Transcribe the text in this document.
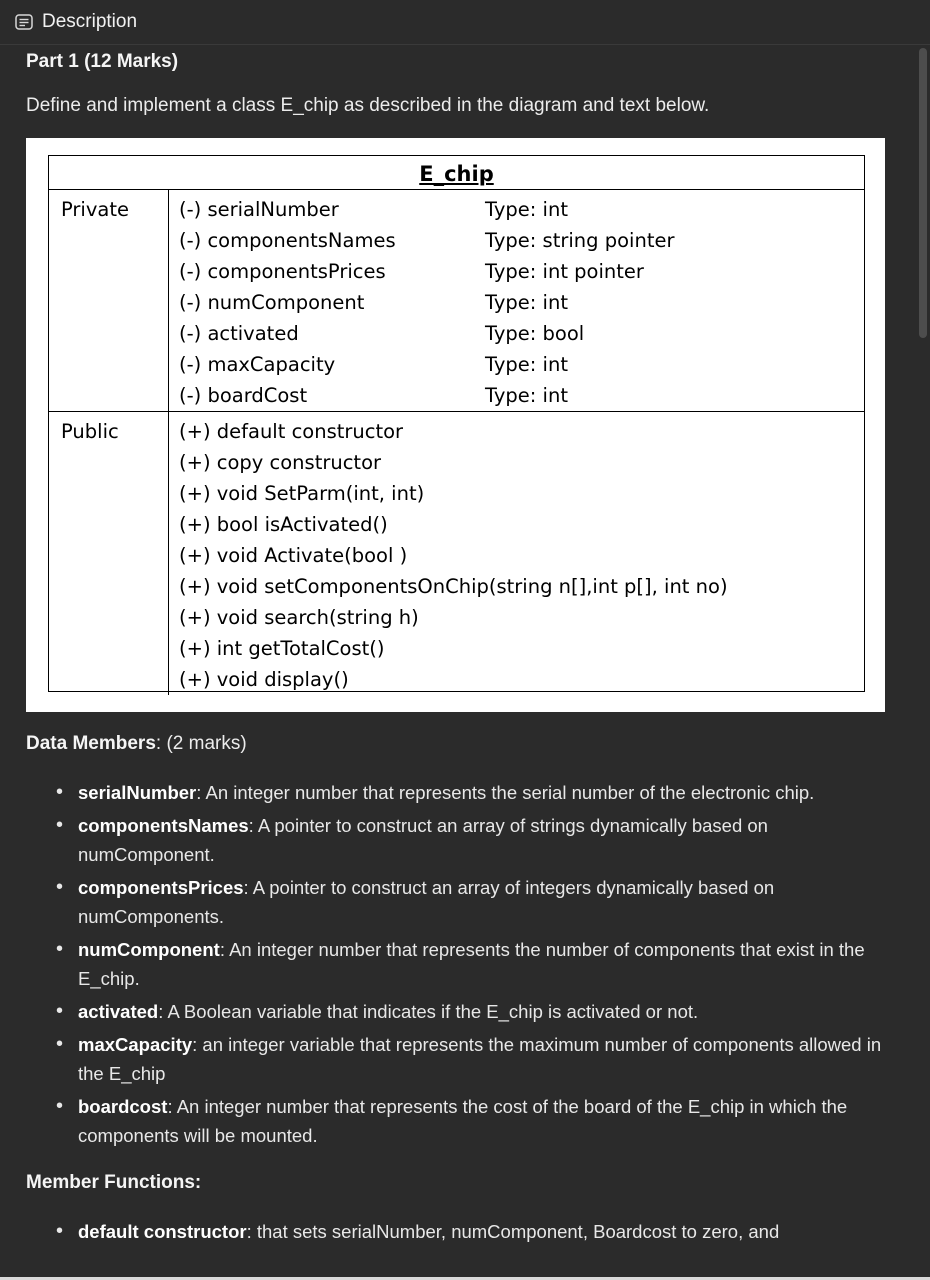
Description
Part 1 (12 Marks)
Define and implement a class E_chip as described in the diagram and text below.
E_chip
Private	(-) serialNumber	Type: int
(-) componentsNames	Type: string pointer
(-) componentsPrices	Type: int pointer
(-) numComponent	Type: int
(-) activated	Type: bool
(-) maxCapacity	Type: int
(-) boardCost	Type: int
Public	(+) default constructor
(+) copy constructor
(+) void SetParm(int, int)
(+) bool isActivated()
(+) void Activate(bool )
(+) void setComponentsOnChip(string n[],int p[], int no)
(+) void search(string h)
(+) int getTotalCost()
(+) void display()
Data Members: (2 marks)
• serialNumber: An integer number that represents the serial number of the electronic chip.
• componentsNames: A pointer to construct an array of strings dynamically based on numComponent.
• componentsPrices: A pointer to construct an array of integers dynamically based on numComponents.
• numComponent: An integer number that represents the number of components that exist in the E_chip.
• activated: A Boolean variable that indicates if the E_chip is activated or not.
• maxCapacity: an integer variable that represents the maximum number of components allowed in the E_chip
• boardcost: An integer number that represents the cost of the board of the E_chip in which the components will be mounted.
Member Functions:
• default constructor: that sets serialNumber, numComponent, Boardcost to zero, and
